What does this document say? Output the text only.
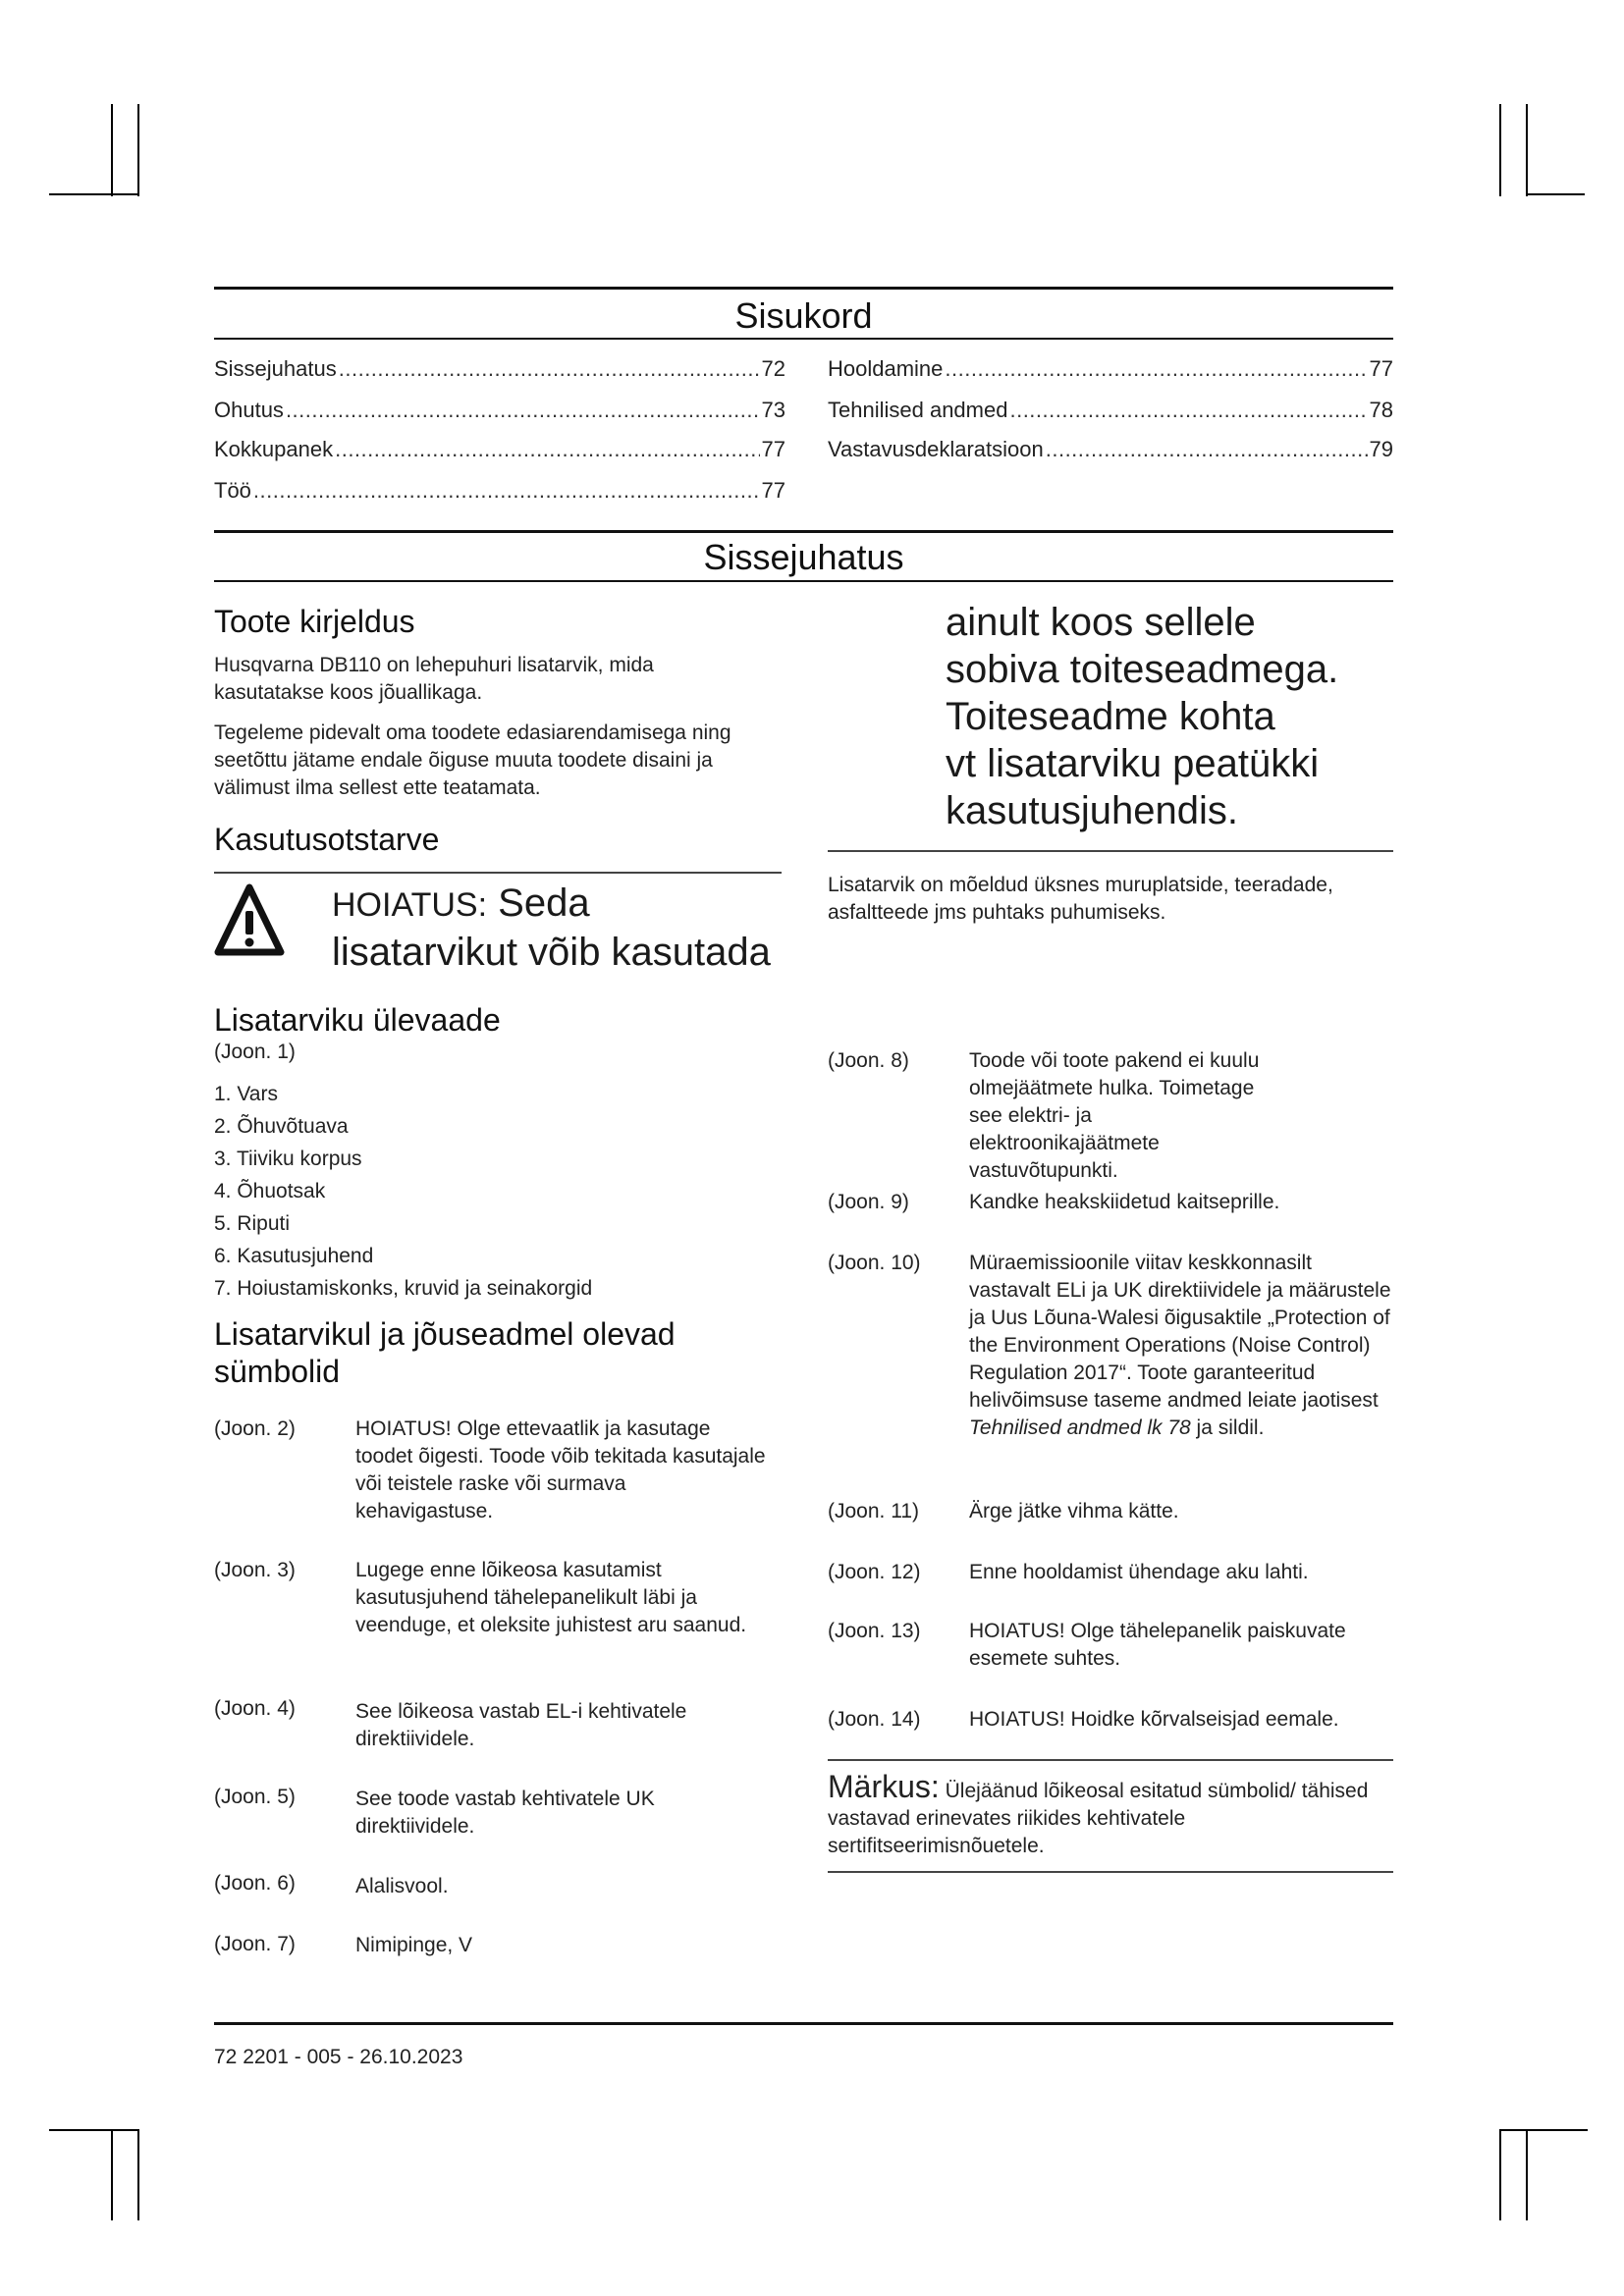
Sisukord
Sissejuhatus .....	72
Ohutus .....	73
Kokkupanek .....	77
Töö .....	77
Hooldamine .....	77
Tehnilised andmed .....	78
Vastavusdeklaratsioon .....	79
Sissejuhatus
Toote kirjeldus

Husqvarna DB110 on lehepuhuri lisatarvik, mida kasutatakse koos jõuallikaga.

Tegeleme pidevalt oma toodete edasiarendamisega ning seetõttu jätame endale õiguse muuta toodete disaini ja välimust ilma sellest ette teatamata.

Kasutusotstarve
HOIATUS: Seda
lisatarvikut võib kasutada
ainult koos sellele
sobiva toiteseadmega.
Toiteseadme kohta
vt lisatarviku peatükki
kasutusjuhendis.

Lisatarvik on mõeldud üksnes muruplatside, teeradade, asfaltteede jms puhtaks puhumiseks.

Lisatarviku ülevaade
(Joon. 1)
1. Vars
2. Õhuvõtuava
3. Tiiviku korpus
4. Õhuotsak
5. Riputi
6. Kasutusjuhend
7. Hoiustamiskonks, kruvid ja seinakorgid
Lisatarvikul ja jõuseadmel olevad
sümbolid
(Joon. 2)	HOIATUS! Olge ettevaatlik ja kasutage toodet õigesti. Toode võib tekitada kasutajale või teistele raske või surmava kehavigastuse.
(Joon. 3)	Lugege enne lõikeosa kasutamist kasutusjuhend tähelepanelikult läbi ja veenduge, et oleksite juhistest aru saanud.
(Joon. 4)	See lõikeosa vastab EL-i kehtivatele direktiividele.
(Joon. 5)	See toode vastab kehtivatele UK direktiividele.
(Joon. 6)	Alalisvool.
(Joon. 7)	Nimipinge, V
(Joon. 8)	Toode või toote pakend ei kuulu olmejäätmete hulka. Toimetage see elektri- ja elektroonikajäätmete vastuvõtupunkti.
(Joon. 9)	Kandke heakskiidetud kaitseprille.
(Joon. 10) Müraemissioonile viitav keskkonnasilt vastavalt ELi ja UK direktiividele ja määrustele ja Uus Lõuna-Walesi õigusaktile „Protection of the Environment Operations (Noise Control) Regulation 2017“. Toote garanteeritud helivõimsuse taseme andmed leiate jaotisest Tehnilised andmed lk 78 ja sildil.
(Joon. 11) Ärge jätke vihma kätte.
(Joon. 12) Enne hooldamist ühendage aku lahti.
(Joon. 13) HOIATUS! Olge tähelepanelik paiskuvate esemete suhtes.
(Joon. 14) HOIATUS! Hoidke kõrvalseisjad eemale.
Märkus: Ülejäänud lõikeosal esitatud sümbolid/ tähised vastavad erinevates riikides kehtivatele sertifitseerimisnõuetele.
72 2201 - 005 - 26.10.2023
